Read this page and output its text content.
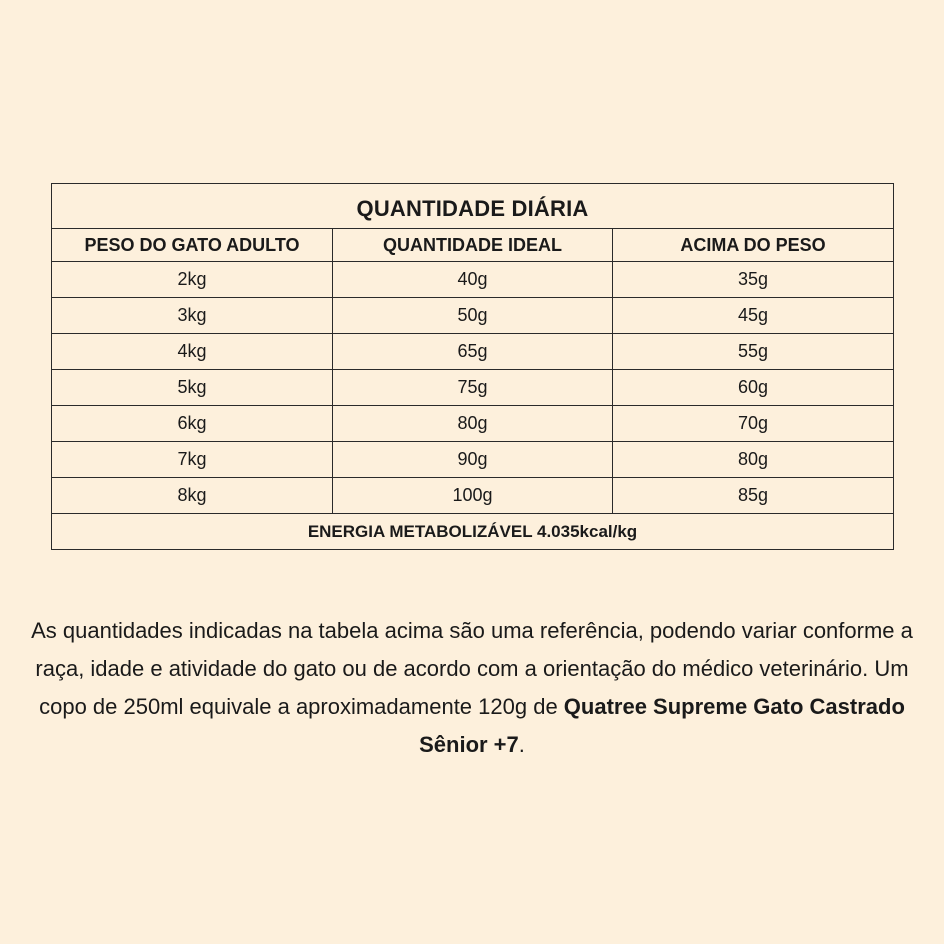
QUANTIDADE DIÁRIA		
PESO DO GATO ADULTO	QUANTIDADE IDEAL	ACIMA DO PESO
2kg	40g	35g
3kg	50g	45g
4kg	65g	55g
5kg	75g	60g
6kg	80g	70g
7kg	90g	80g
8kg	100g	85g
ENERGIA METABOLIZÁVEL 4.035kcal/kg		

As quantidades indicadas na tabela acima são uma referência, podendo variar conforme a raça, idade e atividade do gato ou de acordo com a orientação do médico veterinário. Um copo de 250ml equivale a aproximadamente 120g de Quatree Supreme Gato Castrado Sênior +7.
